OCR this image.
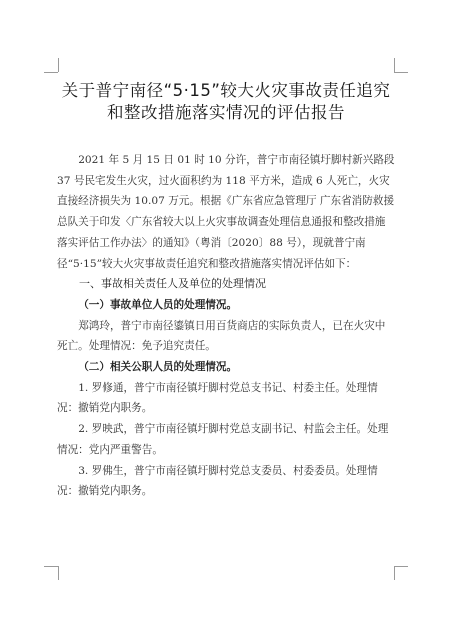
关于普宁南径“5·15”较大火灾事故责任追究
和整改措施落实情况的评估报告

2021 年 5 月 15 日 01 时 10 分许，普宁市南径镇圩脚村新兴路段 37 号民宅发生火灾，过火面积约为 118 平方米，造成 6 人死亡，火灾直接经济损失为 10.07 万元。根据《广东省应急管理厅 广东省消防救援总队关于印发〈广东省较大以上火灾事故调查处理信息通报和整改措施落实评估工作办法〉的通知》（粤消〔2020〕88 号），现就普宁南径“5·15”较大火灾事故责任追究和整改措施落实情况评估如下：

一、事故相关责任人及单位的处理情况

（一）事故单位人员的处理情况。

郑鸿玲，普宁市南径鎏镇日用百货商店的实际负责人，已在火灾中死亡。处理情况：免予追究责任。

（二）相关公职人员的处理情况。

1. 罗修通，普宁市南径镇圩脚村党总支书记、村委主任。处理情况：撤销党内职务。

2. 罗映武，普宁市南径镇圩脚村党总支副书记、村监会主任。处理情况：党内严重警告。

3. 罗佛生，普宁市南径镇圩脚村党总支委员、村委委员。处理情况：撤销党内职务。
